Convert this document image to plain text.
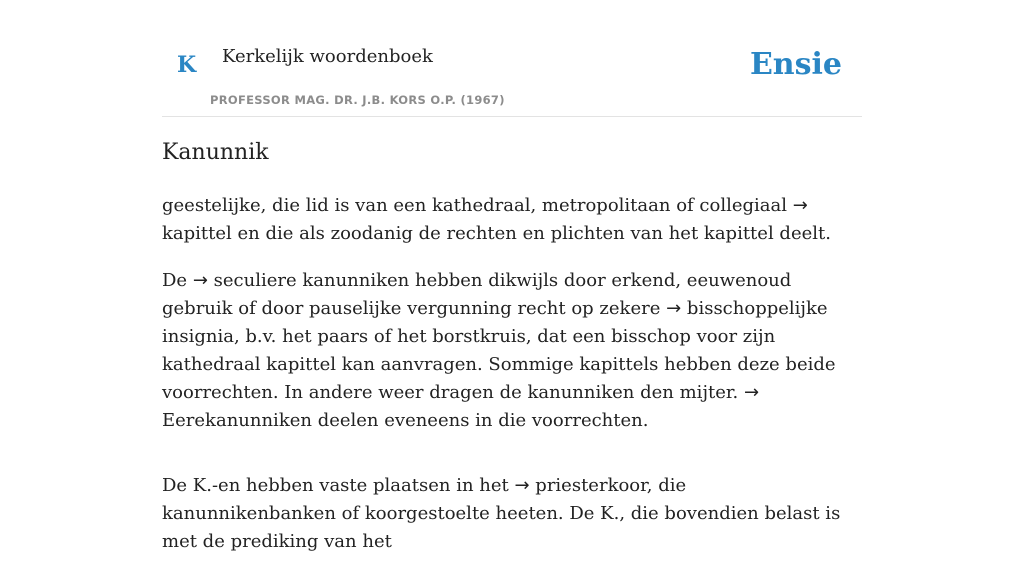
K Kerkelijk woordenboek
PROFESSOR MAG. DR. J.B. KORS O.P. (1967)
Ensie
Kanunnik

geestelijke, die lid is van een kathedraal, metropolitaan of collegiaal → kapittel en die als zoodanig de rechten en plichten van het kapittel deelt.

De → seculiere kanunniken hebben dikwijls door erkend, eeuwenoud gebruik of door pauselijke vergunning recht op zekere → bisschoppelijke insignia, b.v. het paars of het borstkruis, dat een bisschop voor zijn kathedraal kapittel kan aanvragen. Sommige kapittels hebben deze beide voorrechten. In andere weer dragen de kanunniken den mijter. → Eerekanunniken deelen eveneens in die voorrechten.

De K.-en hebben vaste plaatsen in het → priesterkoor, die kanunnikenbanken of koorgestoelte heeten. De K., die bovendien belast is met de prediking van het
